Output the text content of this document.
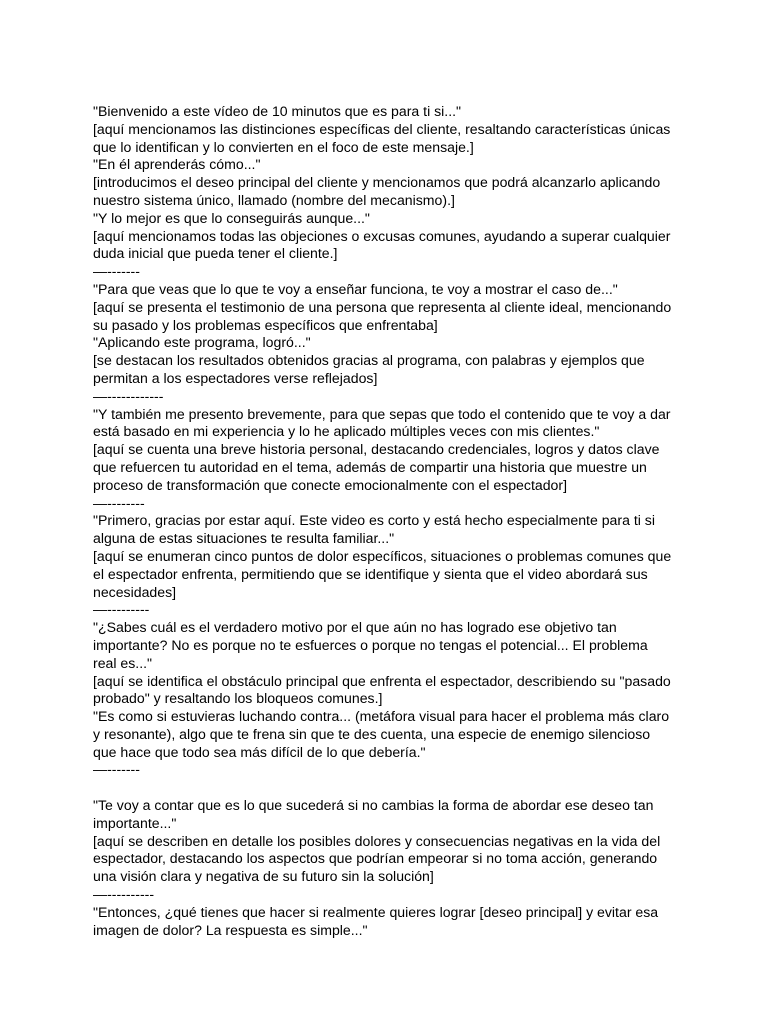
"Bienvenido a este vídeo de 10 minutos que es para ti si..."
[aquí mencionamos las distinciones específicas del cliente, resaltando características únicas
que lo identifican y lo convierten en el foco de este mensaje.]
"En él aprenderás cómo..."
[introducimos el deseo principal del cliente y mencionamos que podrá alcanzarlo aplicando
nuestro sistema único, llamado (nombre del mecanismo).]
"Y lo mejor es que lo conseguirás aunque..."
[aquí mencionamos todas las objeciones o excusas comunes, ayudando a superar cualquier
duda inicial que pueda tener el cliente.]
—-------
"Para que veas que lo que te voy a enseñar funciona, te voy a mostrar el caso de..."
[aquí se presenta el testimonio de una persona que representa al cliente ideal, mencionando
su pasado y los problemas específicos que enfrentaba]
"Aplicando este programa, logró..."
[se destacan los resultados obtenidos gracias al programa, con palabras y ejemplos que
permitan a los espectadores verse reflejados]
—------------
"Y también me presento brevemente, para que sepas que todo el contenido que te voy a dar
está basado en mi experiencia y lo he aplicado múltiples veces con mis clientes."
[aquí se cuenta una breve historia personal, destacando credenciales, logros y datos clave
que refuercen tu autoridad en el tema, además de compartir una historia que muestre un
proceso de transformación que conecte emocionalmente con el espectador]
—--------
"Primero, gracias por estar aquí. Este video es corto y está hecho especialmente para ti si
alguna de estas situaciones te resulta familiar..."
[aquí se enumeran cinco puntos de dolor específicos, situaciones o problemas comunes que
el espectador enfrenta, permitiendo que se identifique y sienta que el video abordará sus
necesidades]
—---------
"¿Sabes cuál es el verdadero motivo por el que aún no has logrado ese objetivo tan
importante? No es porque no te esfuerces o porque no tengas el potencial... El problema
real es..."
[aquí se identifica el obstáculo principal que enfrenta el espectador, describiendo su "pasado
probado" y resaltando los bloqueos comunes.]
"Es como si estuvieras luchando contra... (metáfora visual para hacer el problema más claro
y resonante), algo que te frena sin que te des cuenta, una especie de enemigo silencioso
que hace que todo sea más difícil de lo que debería."
—-------
"Te voy a contar que es lo que sucederá si no cambias la forma de abordar ese deseo tan
importante..."
[aquí se describen en detalle los posibles dolores y consecuencias negativas en la vida del
espectador, destacando los aspectos que podrían empeorar si no toma acción, generando
una visión clara y negativa de su futuro sin la solución]
—----------
"Entonces, ¿qué tienes que hacer si realmente quieres lograr [deseo principal] y evitar esa
imagen de dolor? La respuesta es simple..."
